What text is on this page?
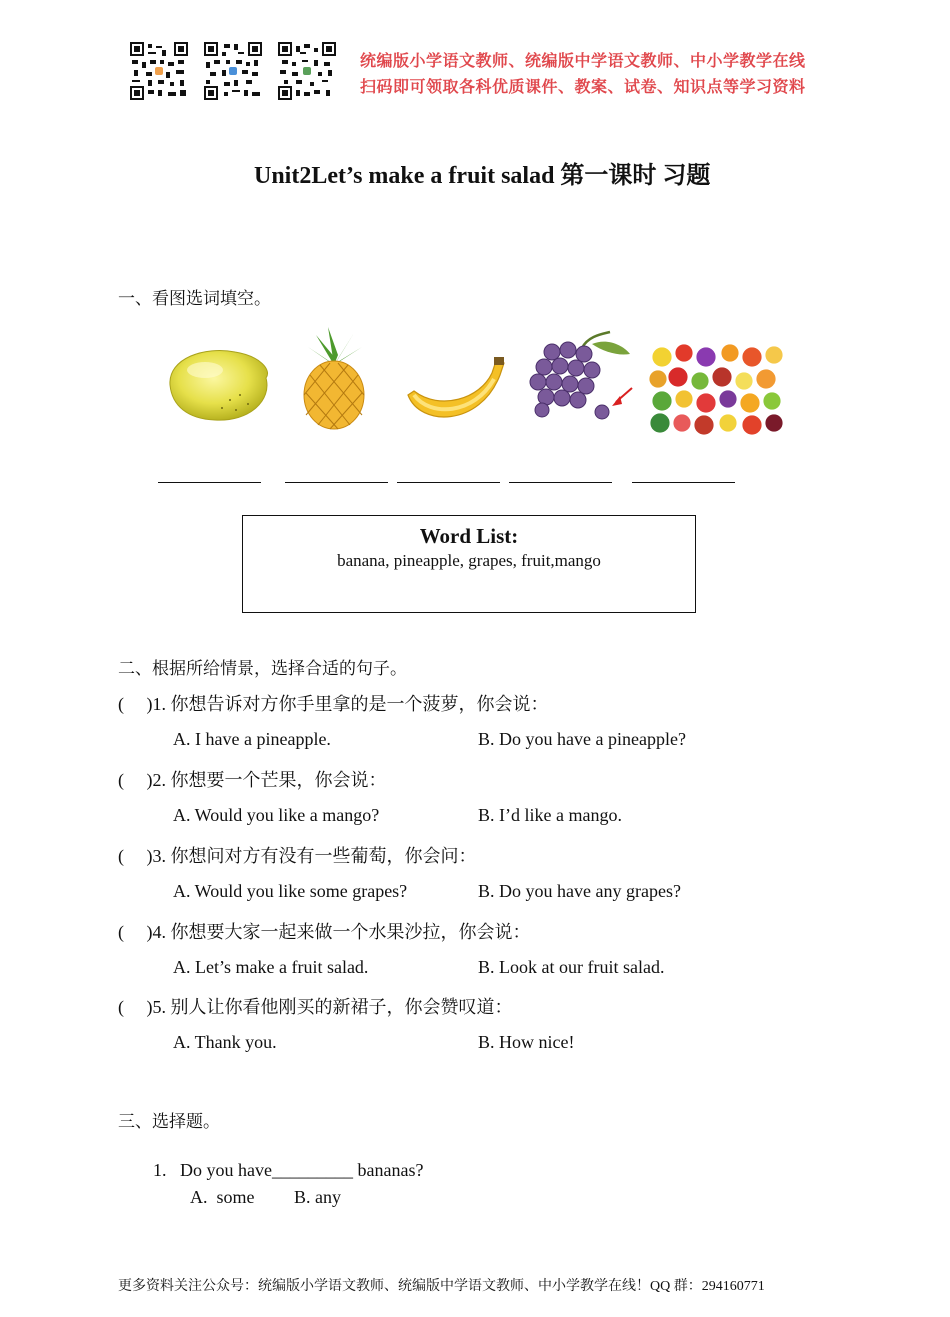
统编版小学语文教师、统编版中学语文教师、中小学教学在线
扫码即可领取各科优质课件、教案、试卷、知识点等学习资料
Unit2Let’s make a fruit salad 第一课时 习题
一、看图选词填空。
Word List:
banana, pineapple, grapes, fruit,mango
二、根据所给情景，选择合适的句子。
(     )1. 你想告诉对方你手里拿的是一个菠萝，你会说：
A. I have a pineapple.	B. Do you have a pineapple?
(     )2. 你想要一个芒果，你会说：
A. Would you like a mango?	B. I’d like a mango.
(     )3. 你想问对方有没有一些葡萄，你会问：
A. Would you like some grapes?	B. Do you have any grapes?
(     )4. 你想要大家一起来做一个水果沙拉，你会说：
A. Let’s make a fruit salad.	B. Look at our fruit salad.
(     )5. 别人让你看他刚买的新裙子，你会赞叹道：
A. Thank you.	B. How nice!
三、选择题。
1.   Do you have_________ bananas?
A.  some B. any
更多资料关注公众号：统编版小学语文教师、统编版中学语文教师、中小学教学在线！QQ 群：294160771
